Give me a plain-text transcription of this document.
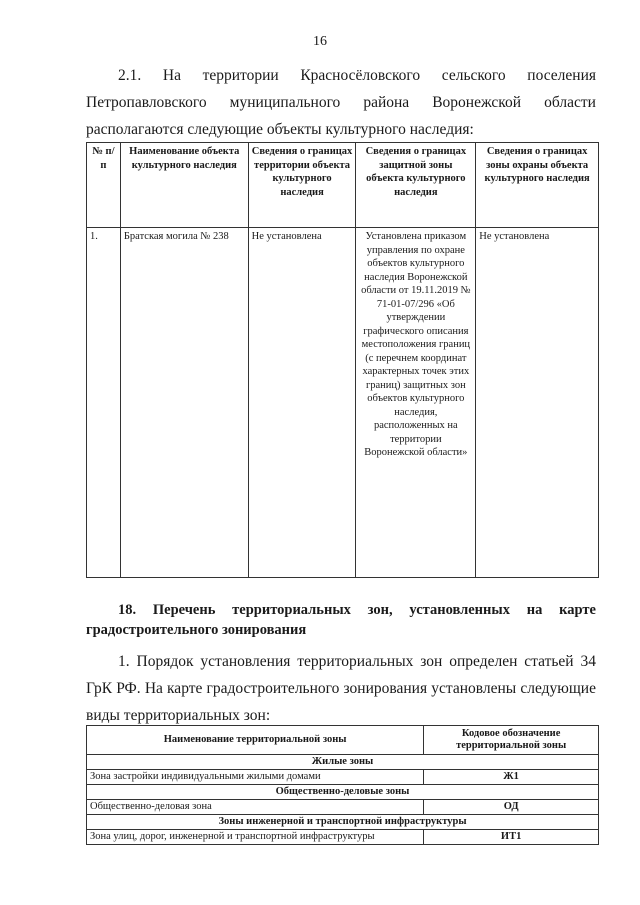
16
2.1. На территории Красносёловского сельского поселения
Петропавловского муниципального района Воронежской области
располагаются следующие объекты культурного наследия:
№ п/п	Наименование объекта культурного наследия	Сведения о границах территории объекта культурного наследия	Сведения о границах защитной зоны объекта культурного наследия	Сведения о границах зоны охраны объекта культурного наследия
1.	Братская могила № 238	Не установлена	Установлена приказом управления по охране объектов культурного наследия Воронежской области от 19.11.2019 № 71-01-07/296 «Об утверждении графического описания местоположения границ (с перечнем координат характерных точек этих границ) защитных зон объектов культурного наследия, расположенных на территории Воронежской области»	Не установлена
18. Перечень территориальных зон, установленных на карте
градостроительного зонирования
1. Порядок установления территориальных зон определен статьей 34
ГрК РФ. На карте градостроительного зонирования установлены следующие
виды территориальных зон:
Наименование территориальной зоны	Кодовое обозначение территориальной зоны
Жилые зоны	
Зона застройки индивидуальными жилыми домами	Ж1
Общественно-деловые зоны	
Общественно-деловая зона	ОД
Зоны инженерной и транспортной инфраструктуры	
Зона улиц, дорог, инженерной и транспортной инфраструктуры	ИТ1
